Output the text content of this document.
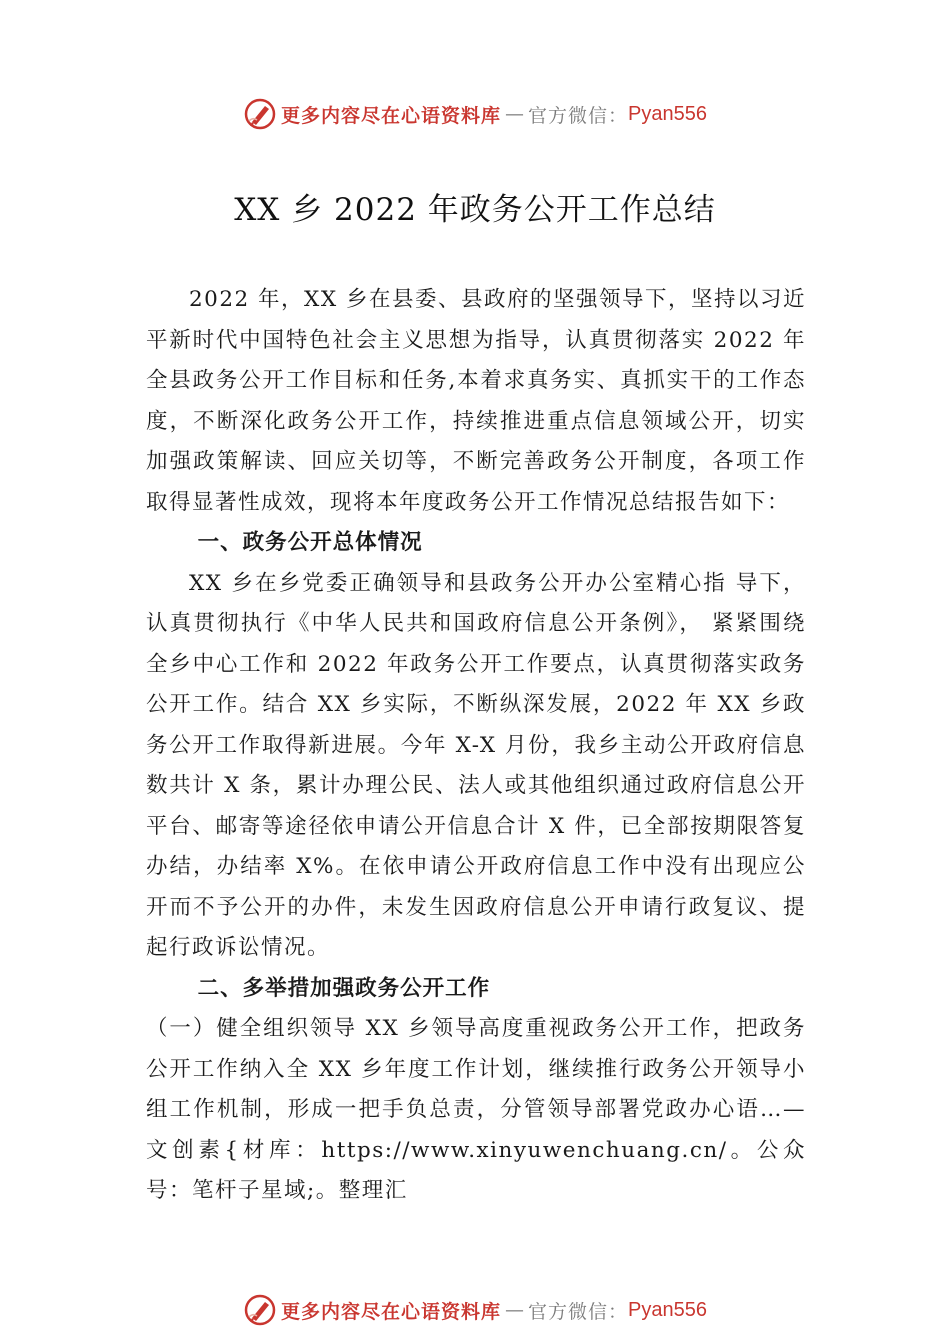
更多内容尽在心语资料库 — 官方微信： Pyan556
XX 乡 2022 年政务公开工作总结

2022 年，XX 乡在县委、县政府的坚强领导下，坚持以习近平新时代中国特色社会主义思想为指导，认真贯彻落实 2022 年全县政务公开工作目标和任务,本着求真务实、真抓实干的工作态度，不断深化政务公开工作，持续推进重点信息领域公开，切实加强政策解读、回应关切等，不断完善政务公开制度，各项工作取得显著性成效，现将本年度政务公开工作情况总结报告如下：

一、政务公开总体情况

XX 乡在乡党委正确领导和县政务公开办公室精心指 导下，认真贯彻执行《中华人民共和国政府信息公开条例》， 紧紧围绕全乡中心工作和 2022 年政务公开工作要点，认真贯彻落实政务公开工作。结合 XX 乡实际，不断纵深发展，2022 年 XX 乡政务公开工作取得新进展。今年 X-X 月份，我乡主动公开政府信息数共计 X 条，累计办理公民、法人或其他组织通过政府信息公开平台、邮寄等途径依申请公开信息合计 X 件，已全部按期限答复办结，办结率 X%。在依申请公开政府信息工作中没有出现应公开而不予公开的办件，未发生因政府信息公开申请行政复议、提起行政诉讼情况。

二、多举措加强政务公开工作

（一）健全组织领导 XX 乡领导高度重视政务公开工作，把政务公开工作纳入全 XX 乡年度工作计划，继续推行政务公开领导小组工作机制，形成一把手负总责，分管领导部署党政办心语…—文创素{材库：https://www.xinyuwenchuang.cn/。公众号：笔杆子星域;。整理汇

更多内容尽在心语资料库 — 官方微信： Pyan556
